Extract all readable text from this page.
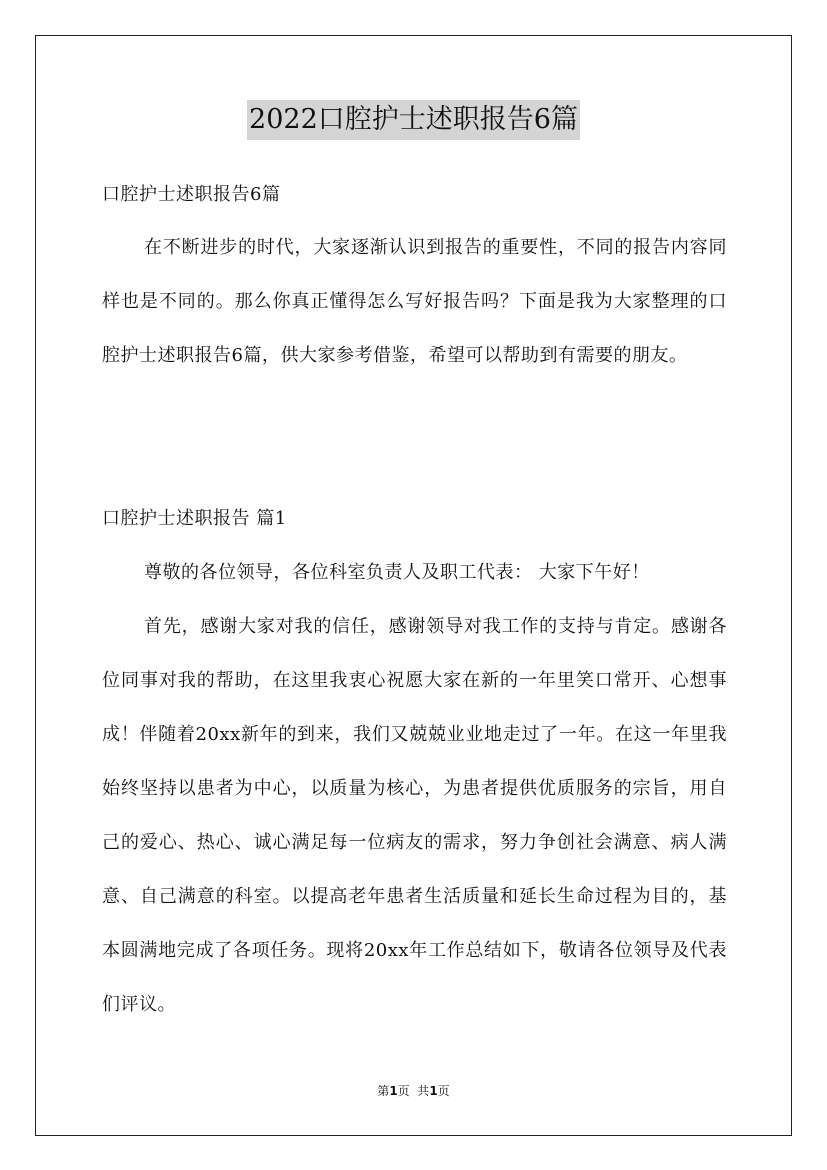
2022口腔护士述职报告6篇
口腔护士述职报告6篇
在不断进步的时代，大家逐渐认识到报告的重要性，不同的报告内容同样也是不同的。那么你真正懂得怎么写好报告吗？下面是我为大家整理的口腔护士述职报告6篇，供大家参考借鉴，希望可以帮助到有需要的朋友。
口腔护士述职报告 篇1
尊敬的各位领导，各位科室负责人及职工代表： 大家下午好！
首先，感谢大家对我的信任，感谢领导对我工作的支持与肯定。感谢各位同事对我的帮助，在这里我衷心祝愿大家在新的一年里笑口常开、心想事成！伴随着20xx新年的到来，我们又兢兢业业地走过了一年。在这一年里我始终坚持以患者为中心，以质量为核心，为患者提供优质服务的宗旨，用自己的爱心、热心、诚心满足每一位病友的需求，努力争创社会满意、病人满意、自己满意的科室。以提高老年患者生活质量和延长生命过程为目的，基本圆满地完成了各项任务。现将20xx年工作总结如下，敬请各位领导及代表们评议。
第1页  共1页
